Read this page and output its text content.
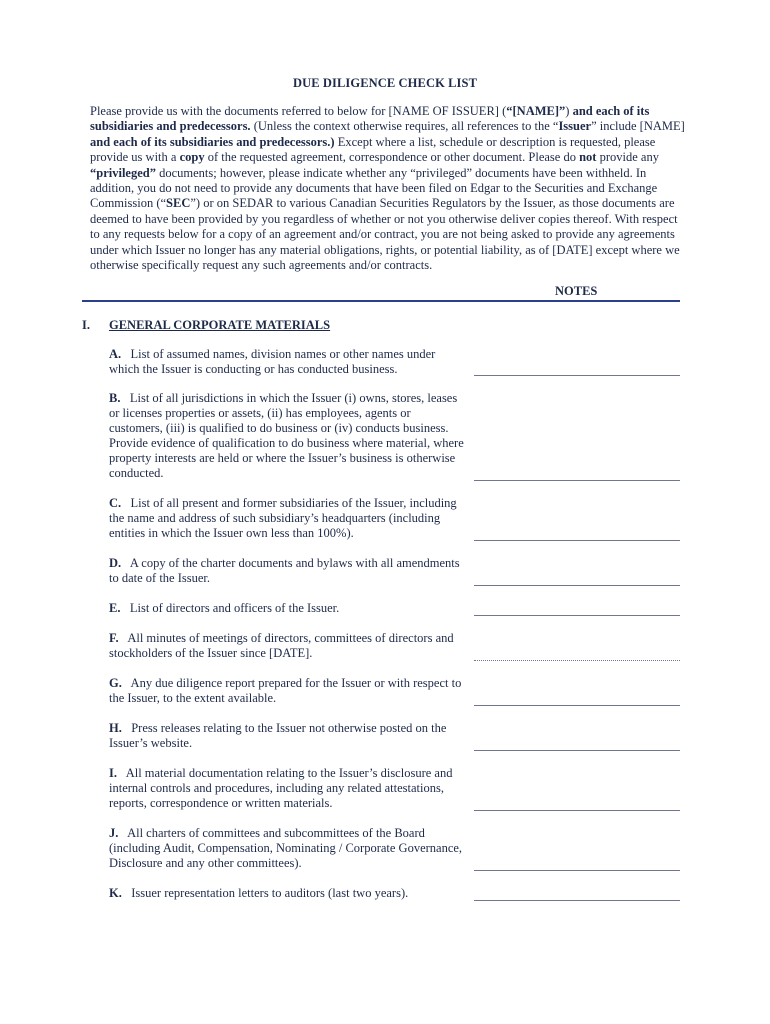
DUE DILIGENCE CHECK LIST
Please provide us with the documents referred to below for [NAME OF ISSUER] (“[NAME]”) and each of its subsidiaries and predecessors. (Unless the context otherwise requires, all references to the “Issuer” include [NAME] and each of its subsidiaries and predecessors.) Except where a list, schedule or description is requested, please provide us with a copy of the requested agreement, correspondence or other document. Please do not provide any “privileged” documents; however, please indicate whether any “privileged” documents have been withheld. In addition, you do not need to provide any documents that have been filed on Edgar to the Securities and Exchange Commission (“SEC”) or on SEDAR to various Canadian Securities Regulators by the Issuer, as those documents are deemed to have been provided by you regardless of whether or not you otherwise deliver copies thereof. With respect to any requests below for a copy of an agreement and/or contract, you are not being asked to provide any agreements under which Issuer no longer has any material obligations, rights, or potential liability, as of [DATE] except where we otherwise specifically request any such agreements and/or contracts.
NOTES
I. GENERAL CORPORATE MATERIALS
A. List of assumed names, division names or other names under which the Issuer is conducting or has conducted business.
B. List of all jurisdictions in which the Issuer (i) owns, stores, leases or licenses properties or assets, (ii) has employees, agents or customers, (iii) is qualified to do business or (iv) conducts business. Provide evidence of qualification to do business where material, where property interests are held or where the Issuer’s business is otherwise conducted.
C. List of all present and former subsidiaries of the Issuer, including the name and address of such subsidiary’s headquarters (including entities in which the Issuer own less than 100%).
D. A copy of the charter documents and bylaws with all amendments to date of the Issuer.
E. List of directors and officers of the Issuer.
F. All minutes of meetings of directors, committees of directors and stockholders of the Issuer since [DATE].
G. Any due diligence report prepared for the Issuer or with respect to the Issuer, to the extent available.
H. Press releases relating to the Issuer not otherwise posted on the Issuer’s website.
I. All material documentation relating to the Issuer’s disclosure and internal controls and procedures, including any related attestations, reports, correspondence or written materials.
J. All charters of committees and subcommittees of the Board (including Audit, Compensation, Nominating / Corporate Governance, Disclosure and any other committees).
K. Issuer representation letters to auditors (last two years).
